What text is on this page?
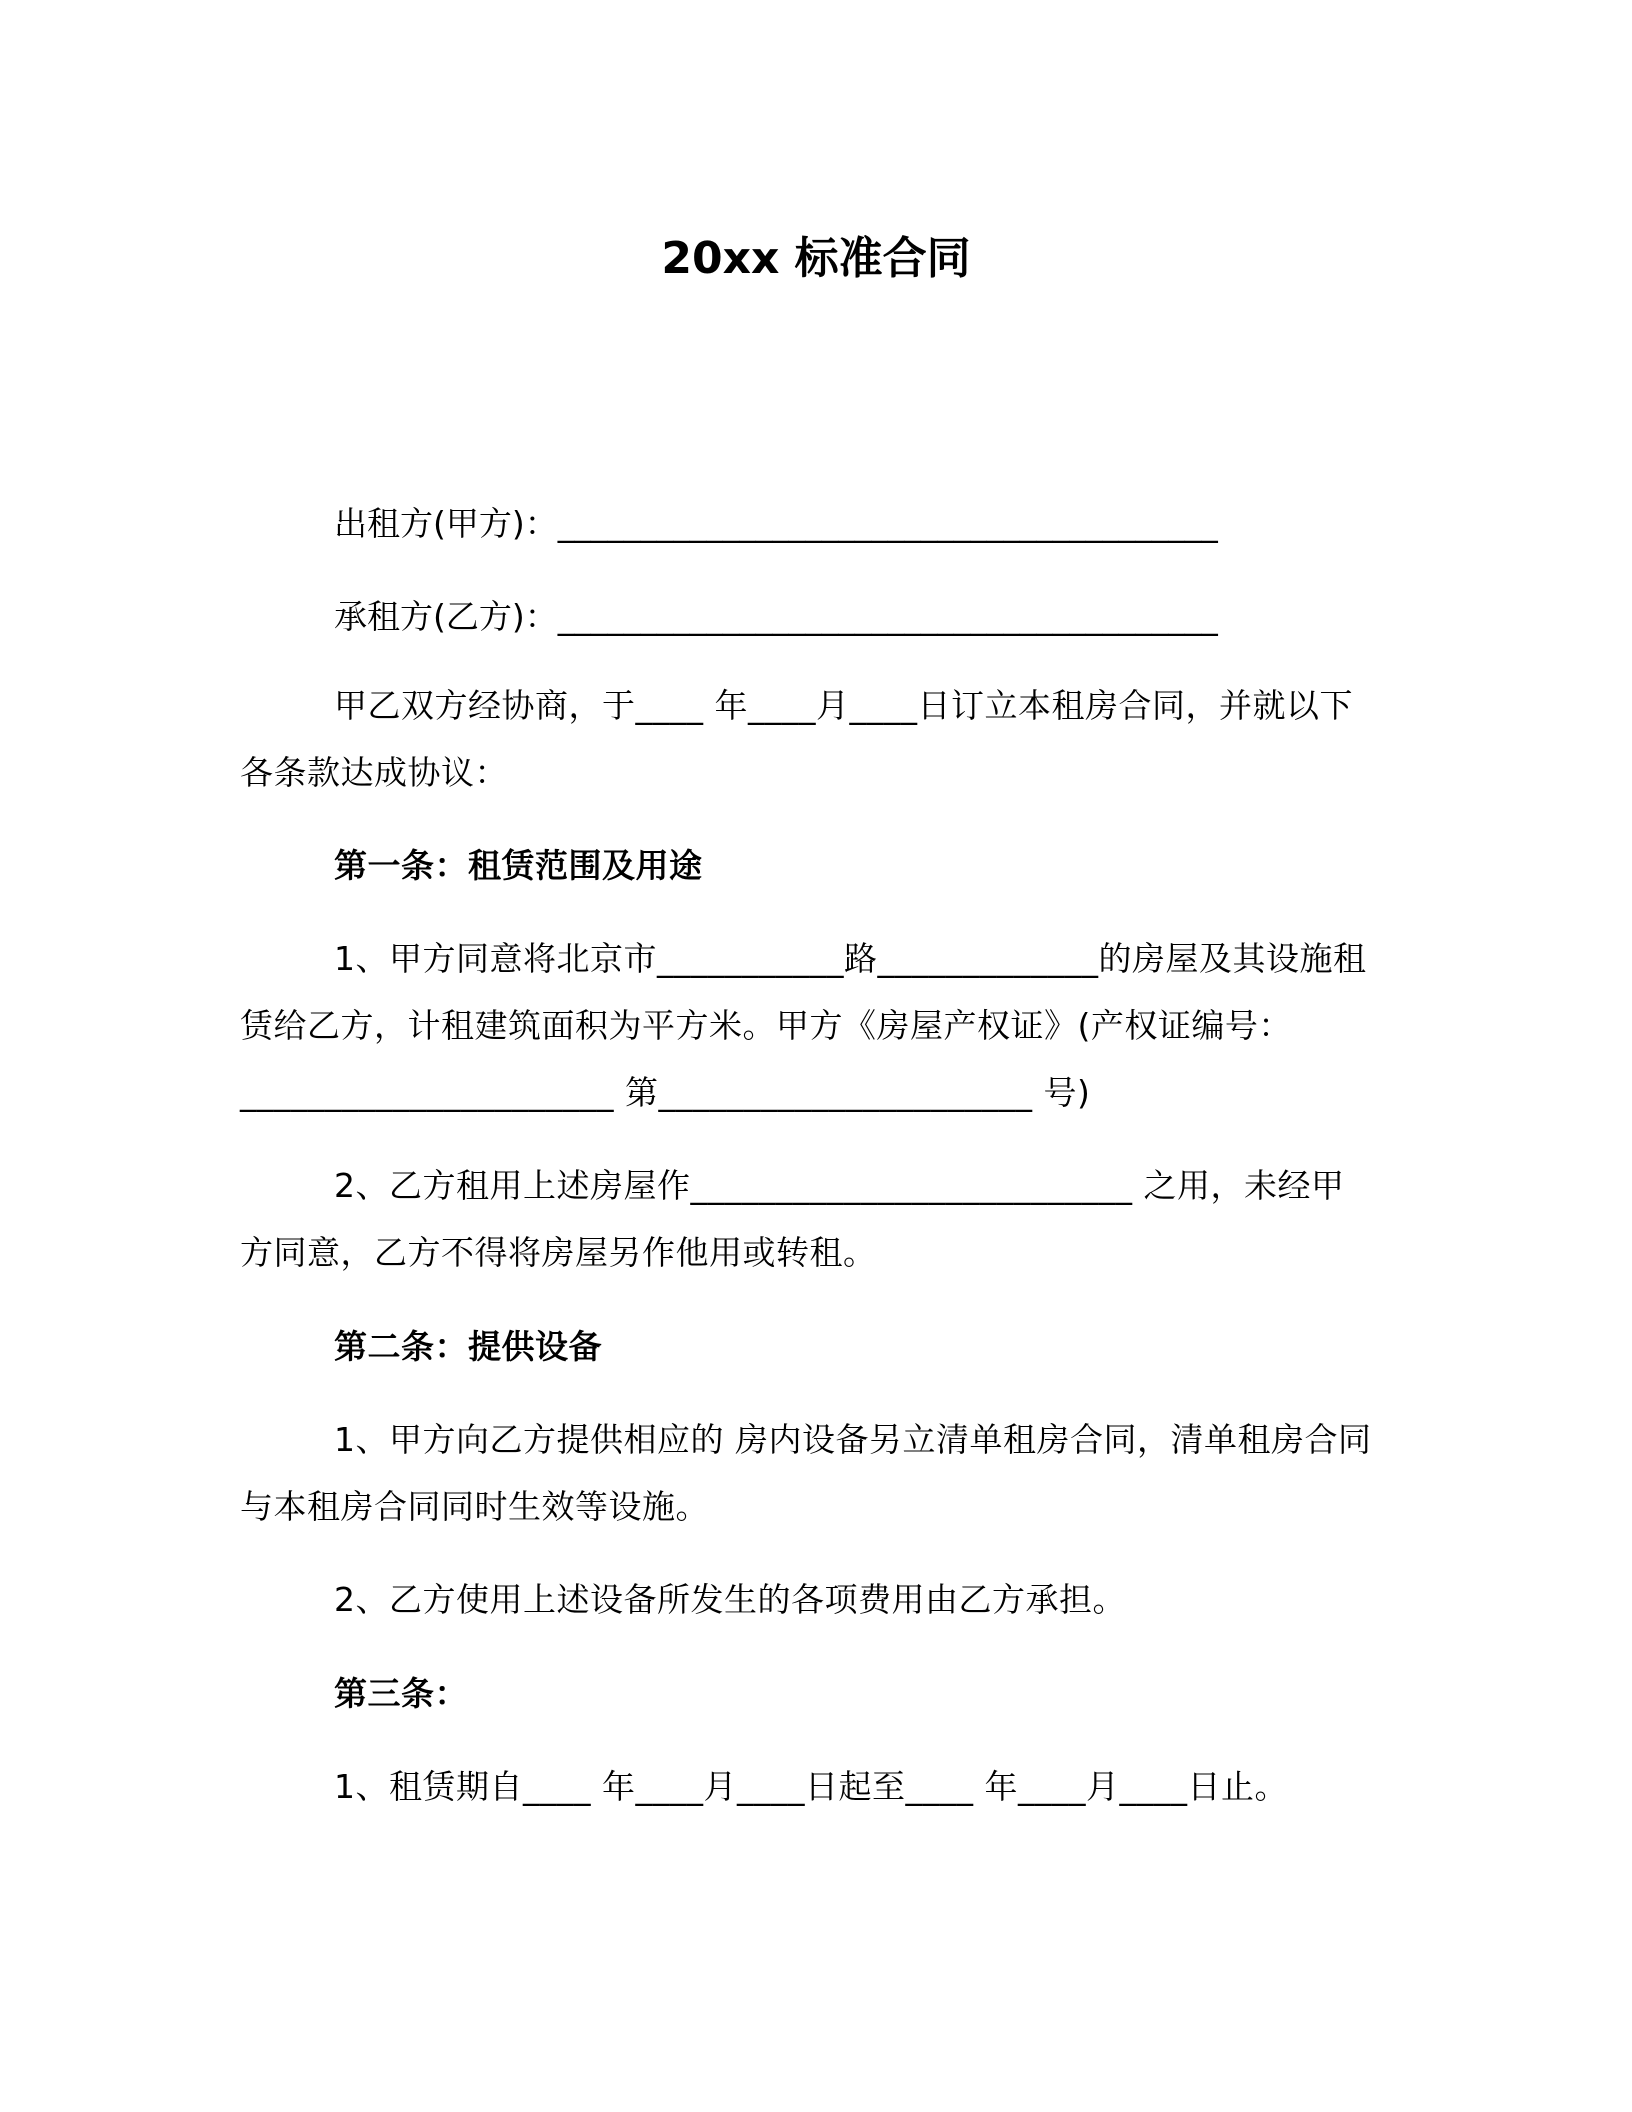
20xx 标准合同
出租方(甲方)：________________________________________
承租方(乙方)：________________________________________
甲乙双方经协商，于____ 年____月____日订立本租房合同，并就以下各条款达成协议：
第一条：租赁范围及用途
1、甲方同意将北京市___________路_____________的房屋及其设施租赁给乙方，计租建筑面积为平方米。甲方《房屋产权证》(产权证编号：______________________ 第______________________ 号)
2、乙方租用上述房屋作__________________________ 之用，未经甲方同意，乙方不得将房屋另作他用或转租。
第二条：提供设备
1、甲方向乙方提供相应的 房内设备另立清单租房合同，清单租房合同与本租房合同同时生效等设施。
2、乙方使用上述设备所发生的各项费用由乙方承担。
第三条：
1、租赁期自____ 年____月____日起至____ 年____月____日止。
